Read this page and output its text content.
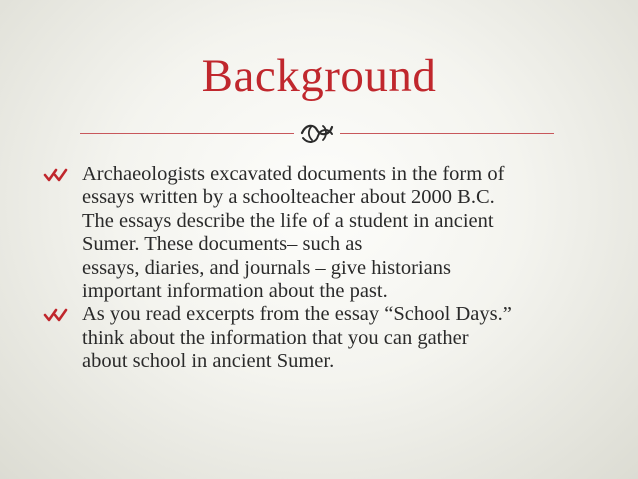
Background
Archaeologists excavated documents in the form of
essays written by a schoolteacher about 2000 B.C.
The essays describe the life of a student in ancient
Sumer. These documents– such as
essays, diaries, and journals – give historians
important information about the past.
As you read excerpts from the essay “School Days.”
think about the information that you can gather
about school in ancient Sumer.
